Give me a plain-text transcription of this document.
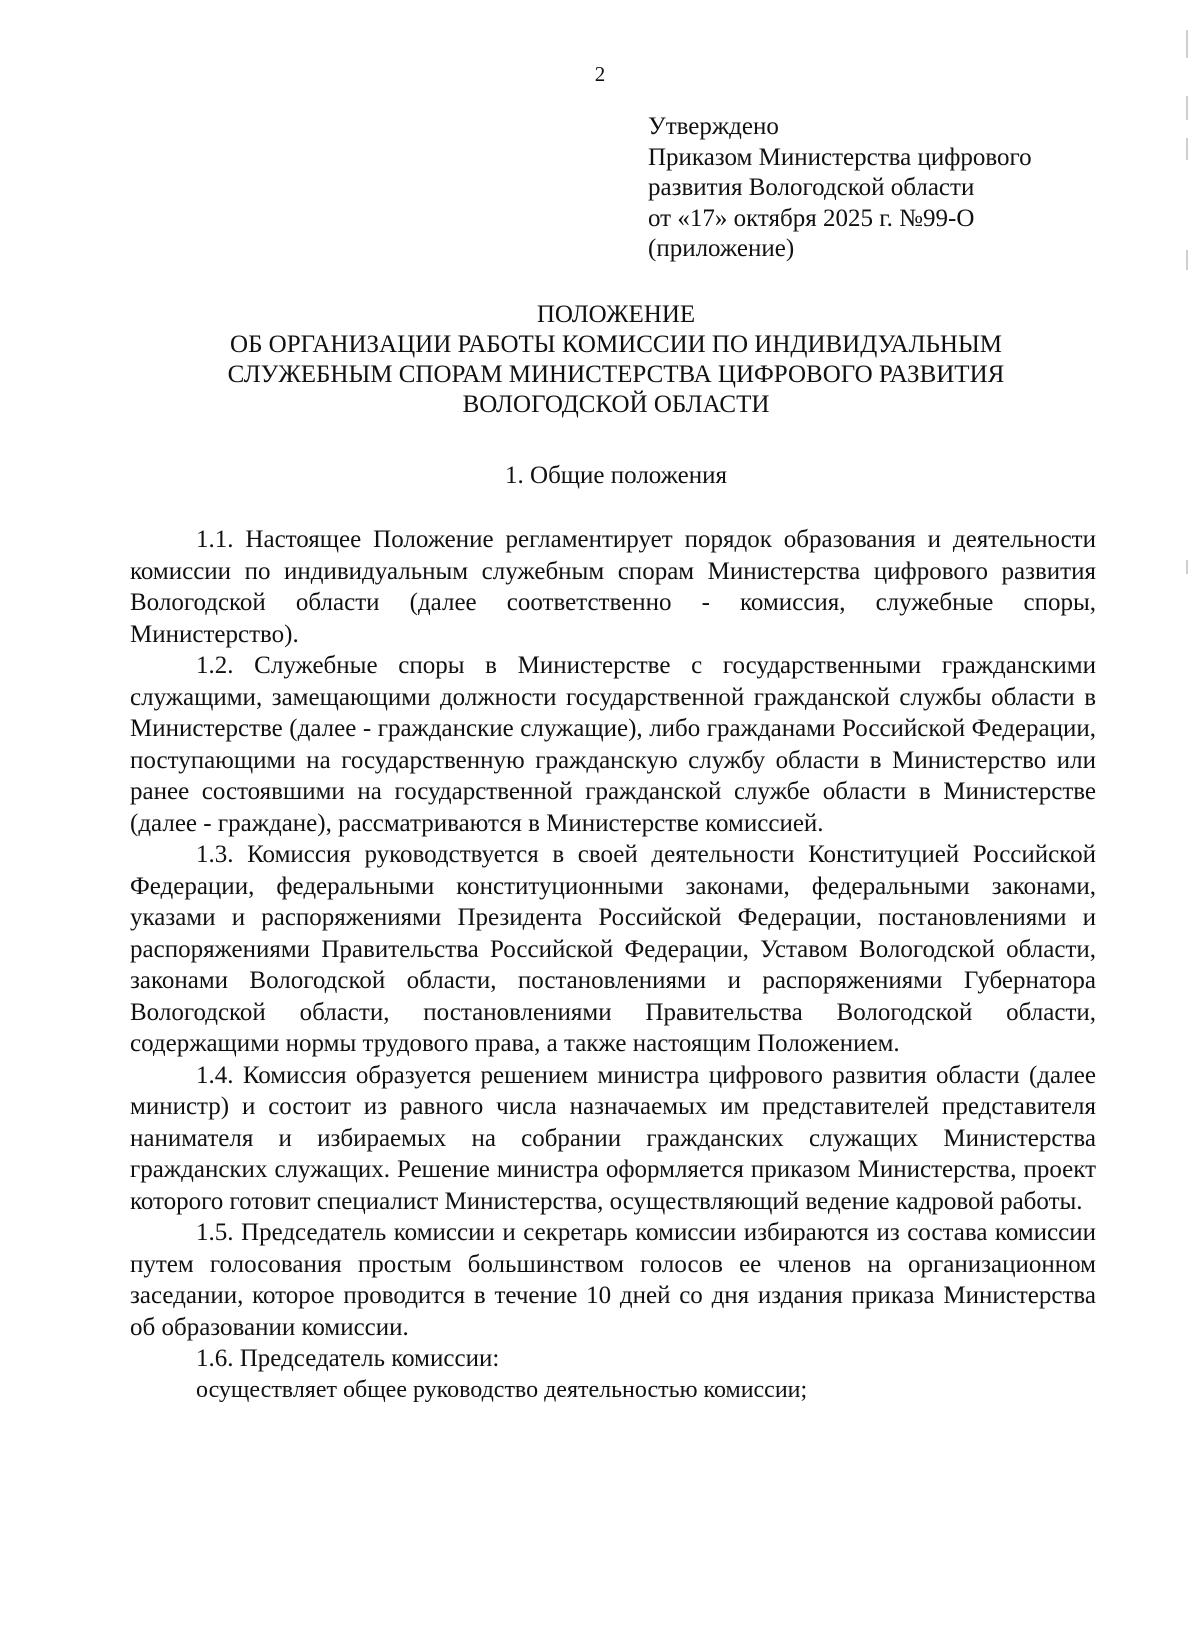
2
Утверждено
Приказом Министерства цифрового
развития Вологодской области
от «17» октября 2025 г. №99-О
(приложение)
ПОЛОЖЕНИЕ
ОБ ОРГАНИЗАЦИИ РАБОТЫ КОМИССИИ ПО ИНДИВИДУАЛЬНЫМ
СЛУЖЕБНЫМ СПОРАМ МИНИСТЕРСТВА ЦИФРОВОГО РАЗВИТИЯ
ВОЛОГОДСКОЙ ОБЛАСТИ
1. Общие положения

1.1. Настоящее Положение регламентирует порядок образования и деятельности комиссии по индивидуальным служебным спорам Министерства цифрового развития Вологодской области (далее соответственно - комиссия, служебные споры, Министерство).

1.2. Служебные споры в Министерстве с государственными гражданскими служащими, замещающими должности государственной гражданской службы области в Министерстве (далее - гражданские служащие), либо гражданами Российской Федерации, поступающими на государственную гражданскую службу области в Министерство или ранее состоявшими на государственной гражданской службе области в Министерстве (далее - граждане), рассматриваются в Министерстве комиссией.

1.3. Комиссия руководствуется в своей деятельности Конституцией Российской Федерации, федеральными конституционными законами, федеральными законами, указами и распоряжениями Президента Российской Федерации, постановлениями и распоряжениями Правительства Российской Федерации, Уставом Вологодской области, законами Вологодской области, постановлениями и распоряжениями Губернатора Вологодской области, постановлениями Правительства Вологодской области, содержащими нормы трудового права, а также настоящим Положением.

1.4. Комиссия образуется решением министра цифрового развития области (далее министр) и состоит из равного числа назначаемых им представителей представителя нанимателя и избираемых на собрании гражданских служащих Министерства гражданских служащих. Решение министра оформляется приказом Министерства, проект которого готовит специалист Министерства, осуществляющий ведение кадровой работы.

1.5. Председатель комиссии и секретарь комиссии избираются из состава комиссии путем голосования простым большинством голосов ее членов на организационном заседании, которое проводится в течение 10 дней со дня издания приказа Министерства об образовании комиссии.

1.6. Председатель комиссии:

осуществляет общее руководство деятельностью комиссии;
